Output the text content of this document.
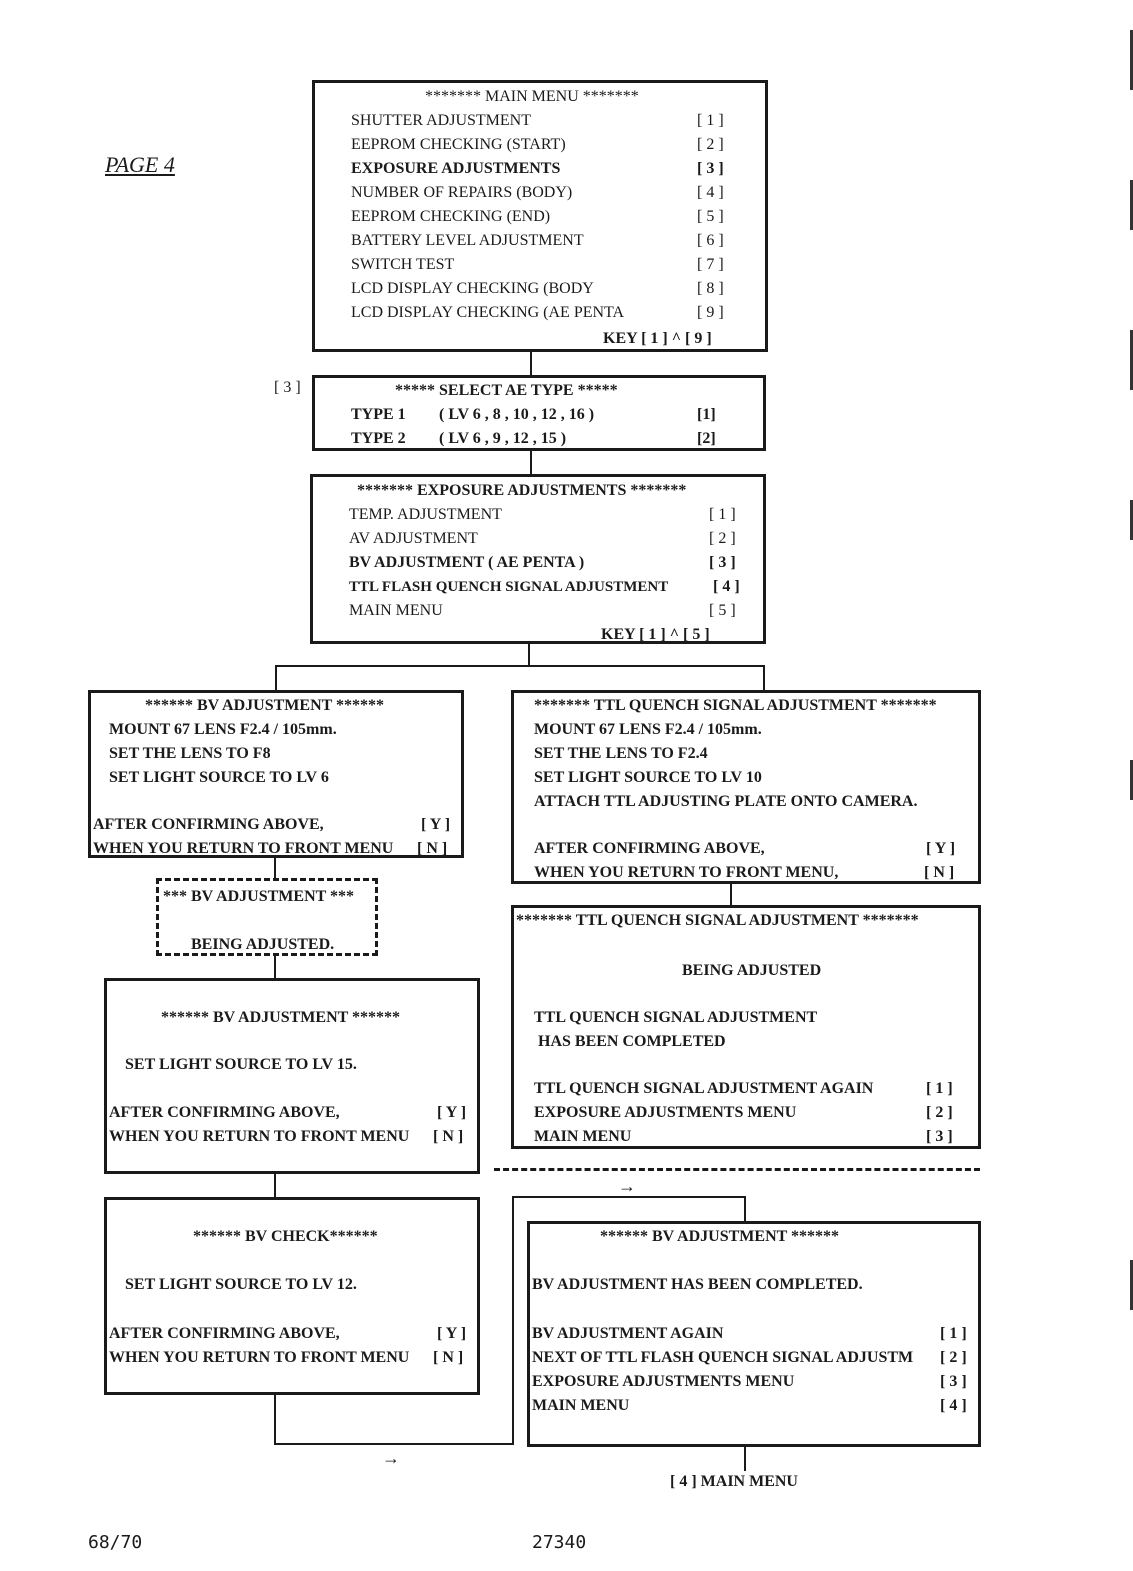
PAGE 4
******* MAIN MENU *******
SHUTTER ADJUSTMENT	[ 1 ]
EEPROM CHECKING (START)	[ 2 ]
EXPOSURE ADJUSTMENTS	[ 3 ]
NUMBER OF REPAIRS (BODY)	[ 4 ]
EEPROM CHECKING (END)	[ 5 ]
BATTERY LEVEL ADJUSTMENT	[ 6 ]
SWITCH TEST	[ 7 ]
LCD DISPLAY CHECKING (BODY	[ 8 ]
LCD DISPLAY CHECKING (AE PENTA	[ 9 ]
KEY [ 1 ] ^ [ 9 ]
[ 3 ]	***** SELECT AE TYPE *****
TYPE 1 ( LV 6 , 8 , 10 , 12 , 16 )	[1]
TYPE 2 ( LV 6 , 9 , 12 , 15 )	[2]
******* EXPOSURE ADJUSTMENTS *******
TEMP. ADJUSTMENT	[ 1 ]
AV ADJUSTMENT	[ 2 ]
BV ADJUSTMENT ( AE PENTA )	[ 3 ]
TTL FLASH QUENCH SIGNAL ADJUSTMENT	[ 4 ]
MAIN MENU	[ 5 ]
KEY [ 1 ] ^ [ 5 ]
****** BV ADJUSTMENT ******
MOUNT 67 LENS F2.4 / 105mm.
SET THE LENS TO F8
SET LIGHT SOURCE TO LV 6
AFTER CONFIRMING ABOVE,	[ Y ]
WHEN YOU RETURN TO FRONT MENU [ N ]
******* TTL QUENCH SIGNAL ADJUSTMENT *******
MOUNT 67 LENS F2.4 / 105mm.
SET THE LENS TO F2.4
SET LIGHT SOURCE TO LV 10
ATTACH TTL ADJUSTING PLATE ONTO CAMERA.
AFTER CONFIRMING ABOVE,	[ Y ]
WHEN YOU RETURN TO FRONT MENU,	[ N ]
*** BV ADJUSTMENT ***
BEING ADJUSTED.
******* TTL QUENCH SIGNAL ADJUSTMENT *******
BEING ADJUSTED
TTL QUENCH SIGNAL ADJUSTMENT
HAS BEEN COMPLETED
TTL QUENCH SIGNAL ADJUSTMENT AGAIN	[ 1 ]
EXPOSURE ADJUSTMENTS MENU	[ 2 ]
MAIN MENU	[ 3 ]
****** BV ADJUSTMENT ******
SET LIGHT SOURCE TO LV 15.
AFTER CONFIRMING ABOVE,	[ Y ]
WHEN YOU RETURN TO FRONT MENU [ N ]
→
****** BV CHECK******
SET LIGHT SOURCE TO LV 12.
AFTER CONFIRMING ABOVE,	[ Y ]
WHEN YOU RETURN TO FRONT MENU [ N ]
→
****** BV ADJUSTMENT ******
BV ADJUSTMENT HAS BEEN COMPLETED.
BV ADJUSTMENT AGAIN	[ 1 ]
NEXT OF TTL FLASH QUENCH SIGNAL ADJUSTM [ 2 ]
EXPOSURE ADJUSTMENTS MENU	[ 3 ]
MAIN MENU	[ 4 ]
[ 4 ] MAIN MENU
68/70	27340
